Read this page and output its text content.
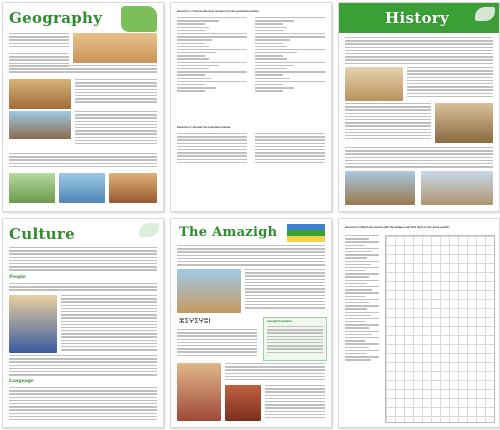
Geography	Exercise 1: Choose the best answers for the questions below.
Exercise 2: Answer the questions below.
History
Culture
People
Language
The Amazigh
ⵣⵉⵖⵉⵖⵓⵏ	Amazigh Population
Exercise 3: Match the words with the images and find them in the word search.
